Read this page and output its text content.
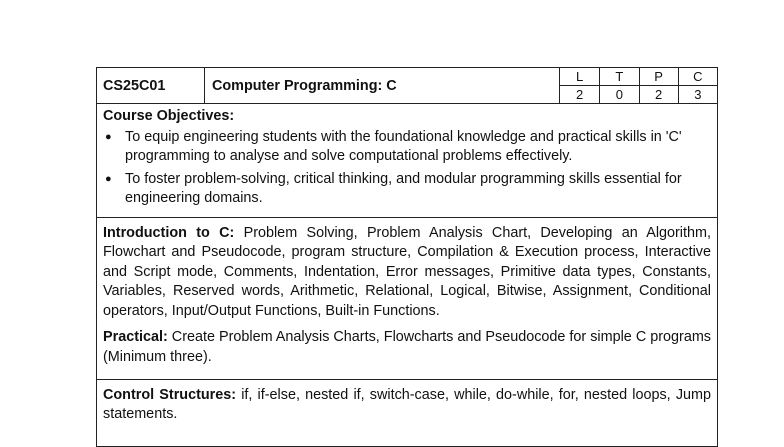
CS25C01	Computer Programming: C
L	T	P	C
2	0	2	3
Course Objectives:
● To equip engineering students with the foundational knowledge and practical skills in 'C' programming to analyse and solve computational problems effectively.
● To foster problem-solving, critical thinking, and modular programming skills essential for engineering domains.

Introduction to C: Problem Solving, Problem Analysis Chart, Developing an Algorithm, Flowchart and Pseudocode, program structure, Compilation & Execution process, Interactive and Script mode, Comments, Indentation, Error messages, Primitive data types, Constants, Variables, Reserved words, Arithmetic, Relational, Logical, Bitwise, Assignment, Conditional operators, Input/Output Functions, Built-in Functions.

Practical: Create Problem Analysis Charts, Flowcharts and Pseudocode for simple C programs (Minimum three).

Control Structures: if, if-else, nested if, switch-case, while, do-while, for, nested loops, Jump statements.
